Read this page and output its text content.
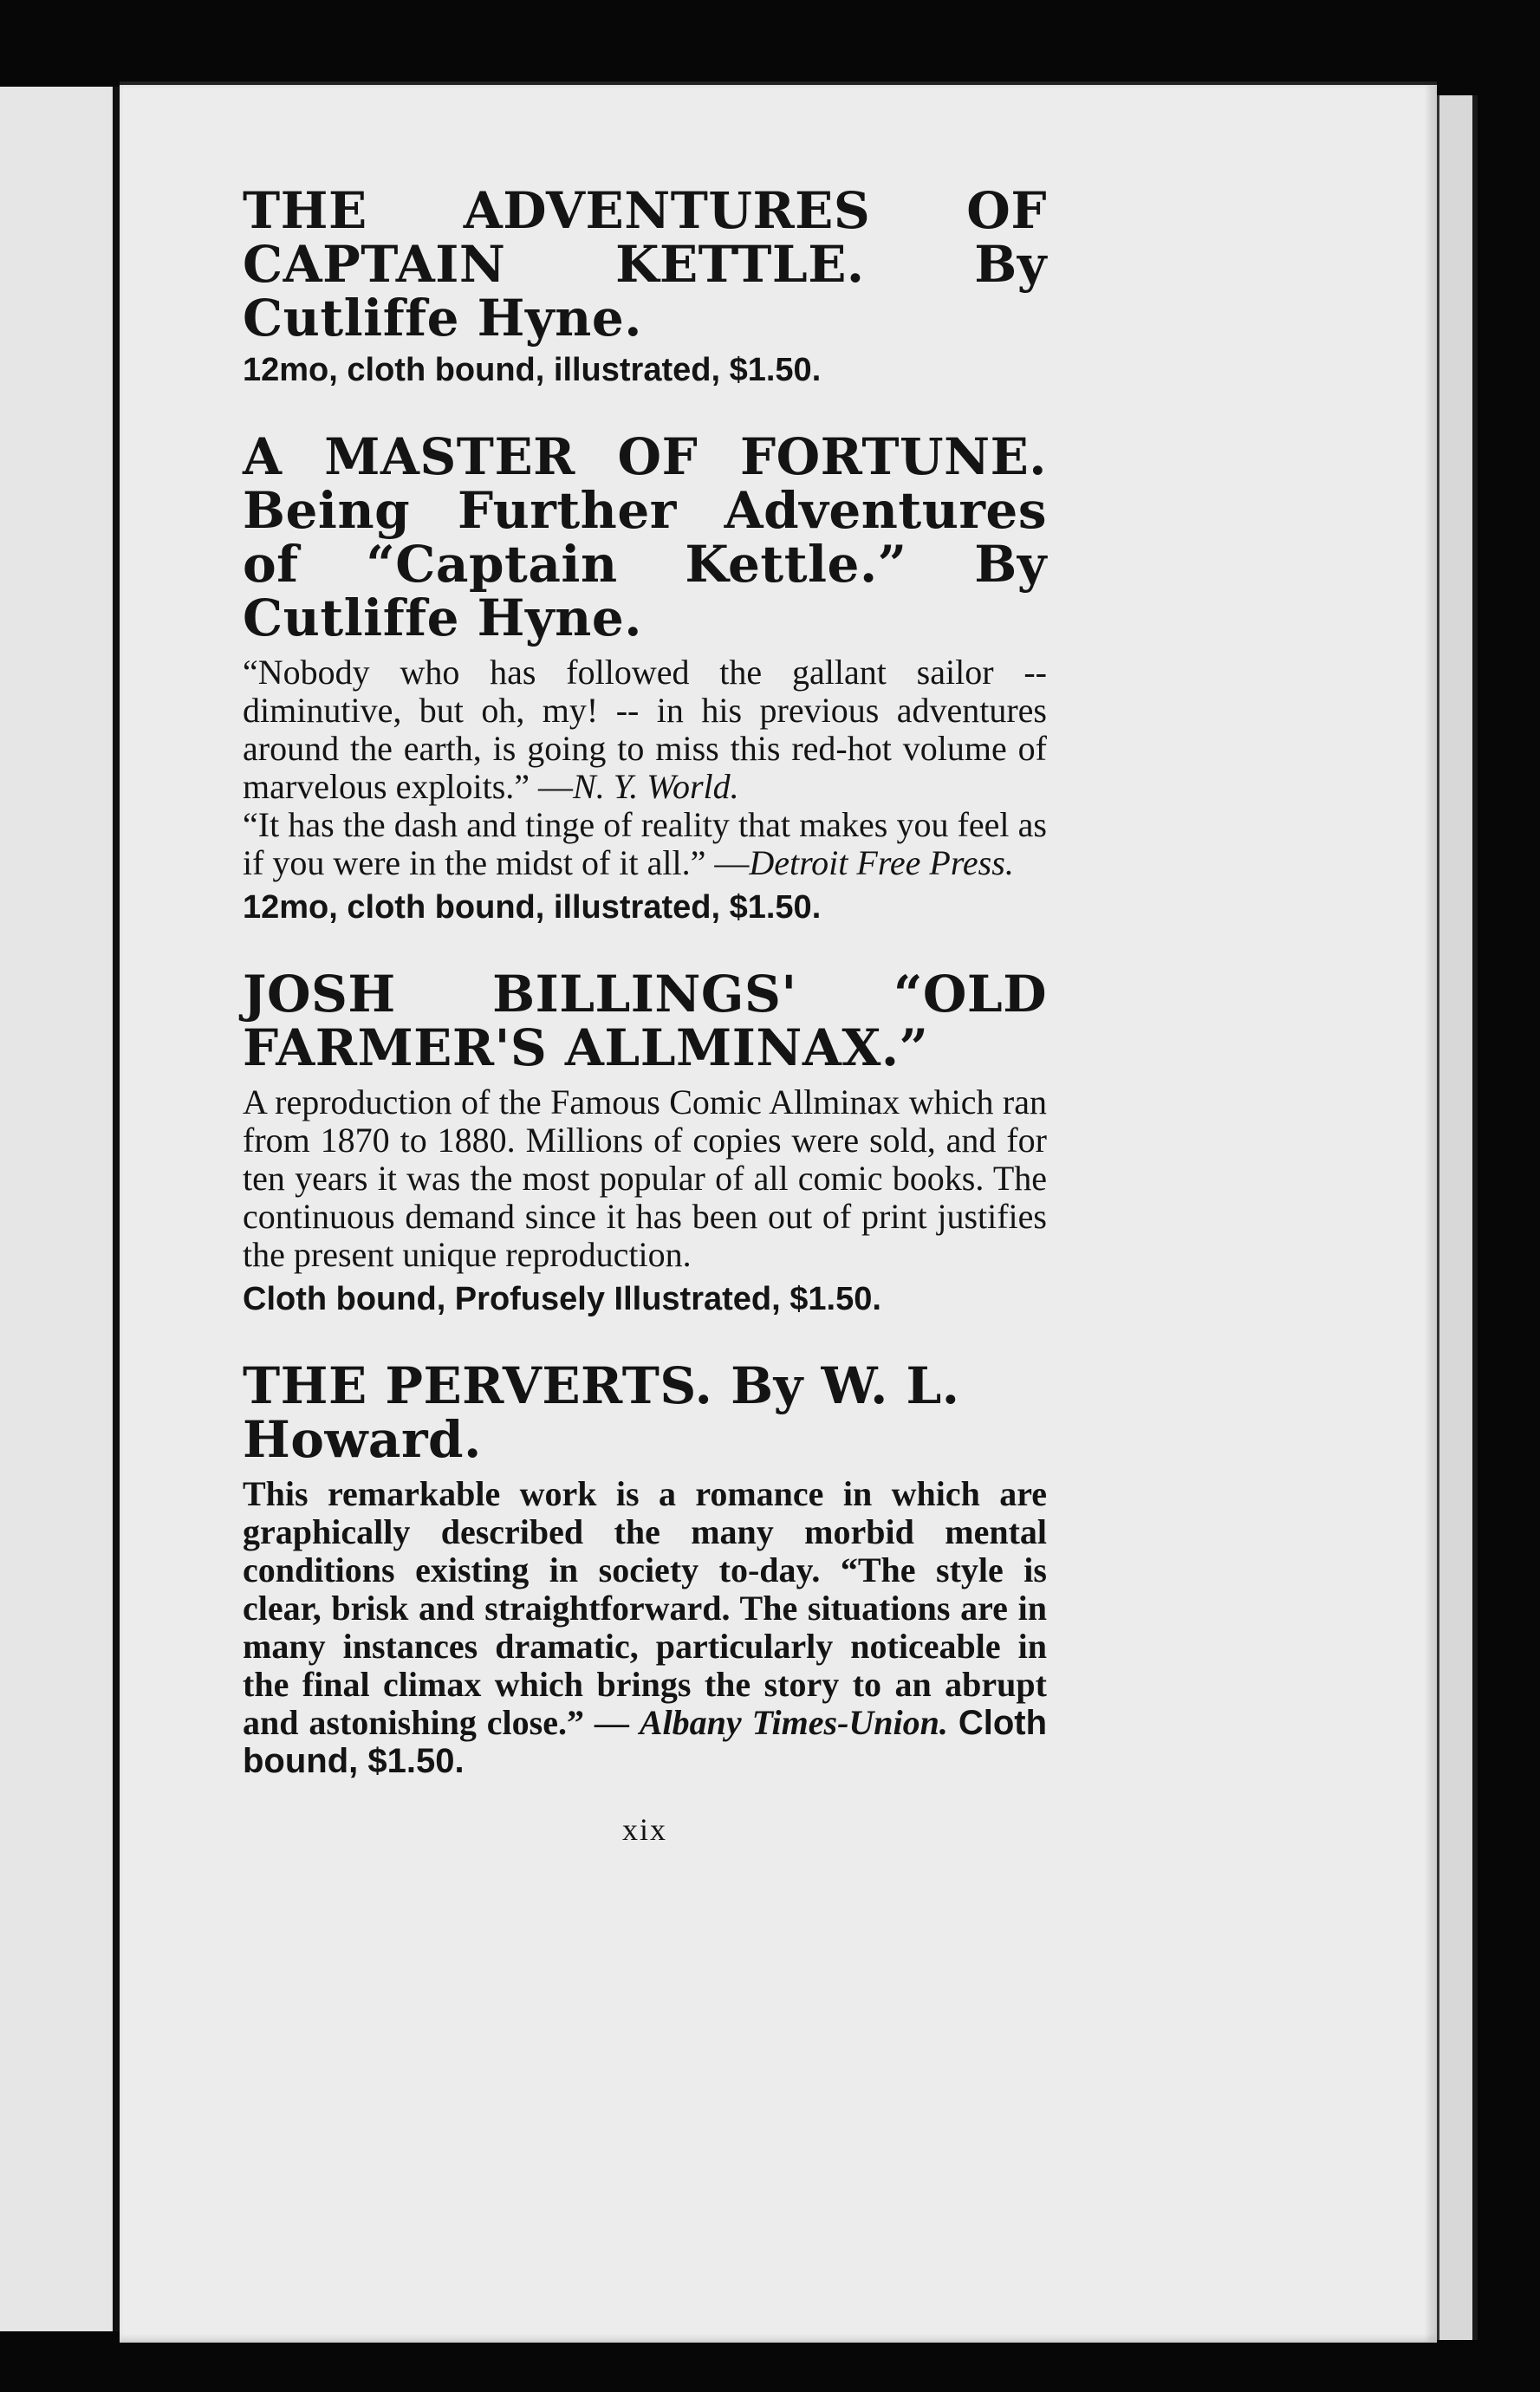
THE ADVENTURES OF CAPTAIN KETTLE. By Cutliffe Hyne.

12mo, cloth bound, illustrated, $1.50.

A MASTER OF FORTUNE. Being Further Adventures of “Captain Kettle.” By Cutliffe Hyne.

“Nobody who has followed the gallant sailor -- diminutive, but oh, my! -- in his previous adventures around the earth, is going to miss this red-hot volume of marvelous exploits.” —N. Y. World.

“It has the dash and tinge of reality that makes you feel as if you were in the midst of it all.” —Detroit Free Press.

12mo, cloth bound, illustrated, $1.50.

JOSH BILLINGS' “OLD FARMER'S ALLMINAX.”

A reproduction of the Famous Comic Allminax which ran from 1870 to 1880. Millions of copies were sold, and for ten years it was the most popular of all comic books. The continuous demand since it has been out of print justifies the present unique reproduction.

Cloth bound, Profusely Illustrated, $1.50.

THE PERVERTS. By W. L. Howard.

This remarkable work is a romance in which are graphically described the many morbid mental conditions existing in society to-day. “The style is clear, brisk and straightforward. The situations are in many instances dramatic, particularly noticeable in the final climax which brings the story to an abrupt and astonishing close.” — Albany Times-Union. Cloth bound, $1.50.

xix
